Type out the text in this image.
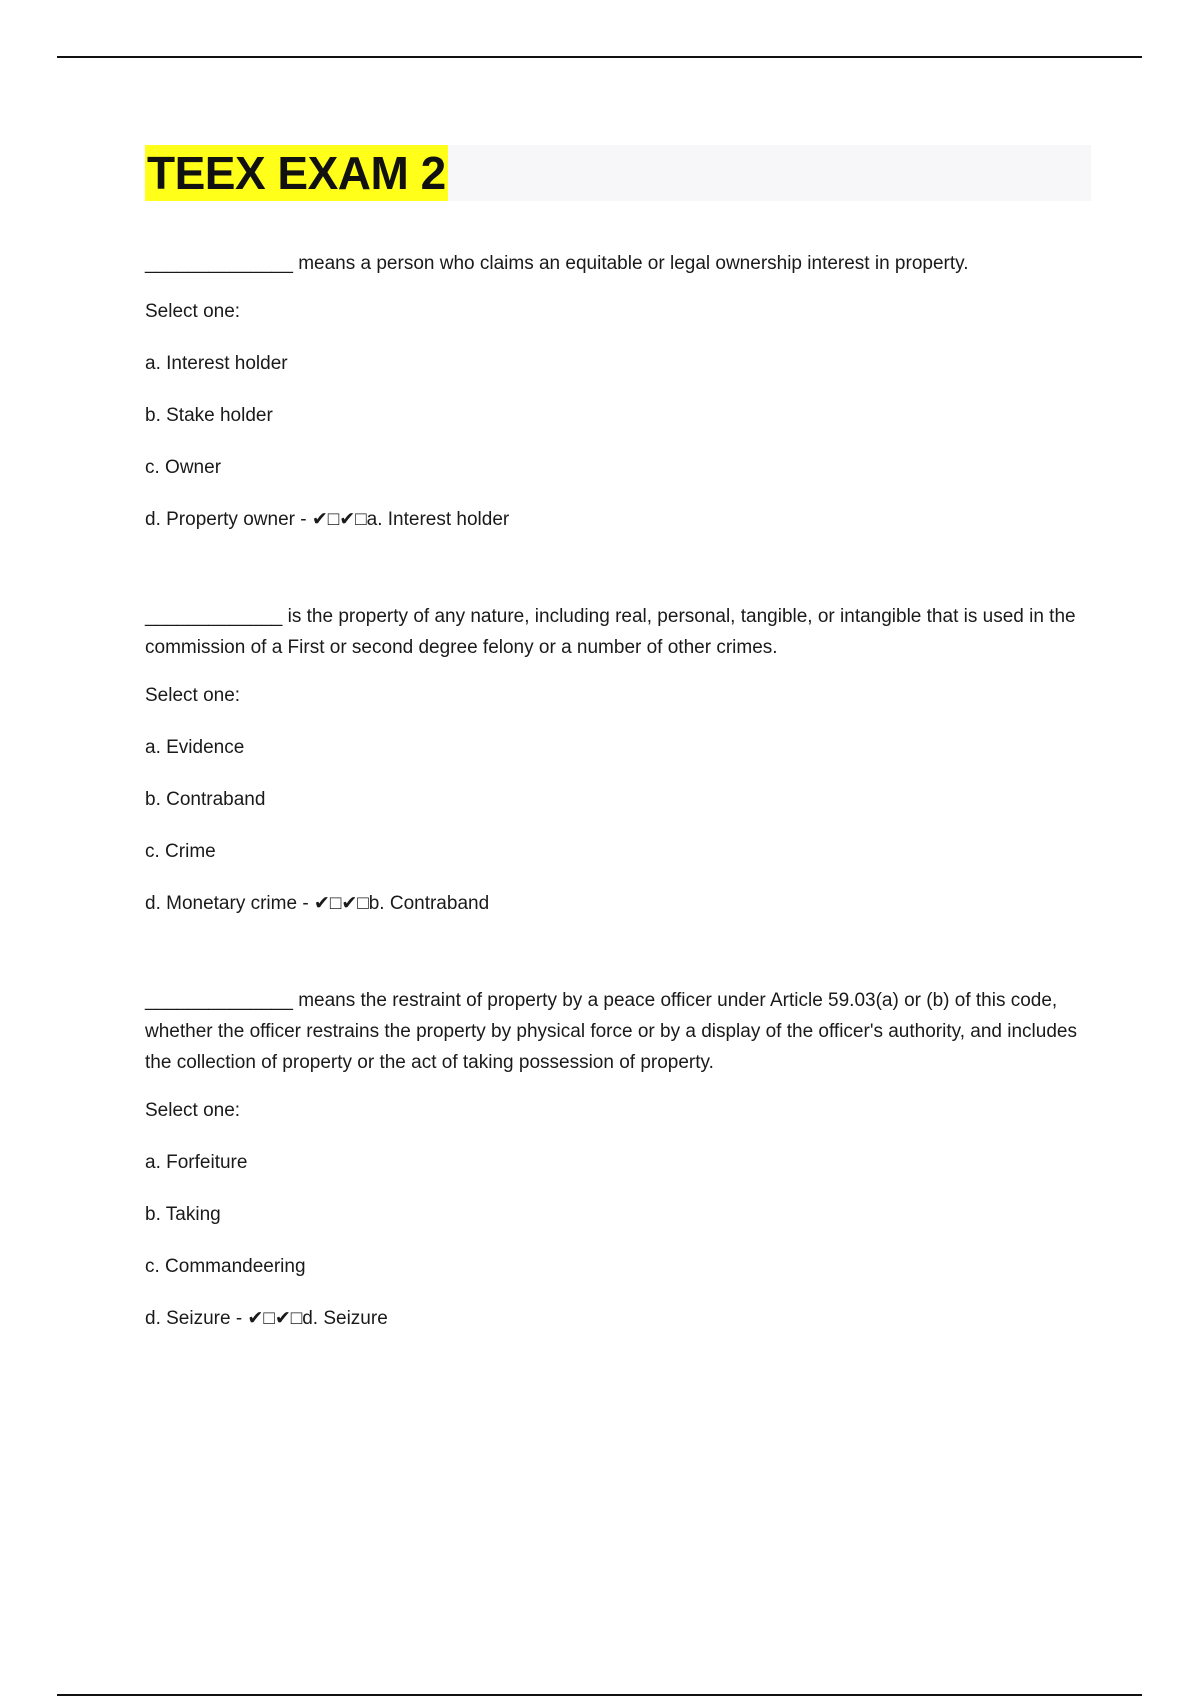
TEEX EXAM 2

______________ means a person who claims an equitable or legal ownership interest in property.

Select one:

a. Interest holder

b. Stake holder

c. Owner

d. Property owner - ✔□✔□a. Interest holder

_____________ is the property of any nature, including real, personal, tangible, or intangible that is used in the commission of a First or second degree felony or a number of other crimes.

Select one:

a. Evidence

b. Contraband

c. Crime

d. Monetary crime - ✔□✔□b. Contraband

______________ means the restraint of property by a peace officer under Article 59.03(a) or (b) of this code, whether the officer restrains the property by physical force or by a display of the officer's authority, and includes the collection of property or the act of taking possession of property.

Select one:

a. Forfeiture

b. Taking

c. Commandeering

d. Seizure - ✔□✔□d. Seizure
